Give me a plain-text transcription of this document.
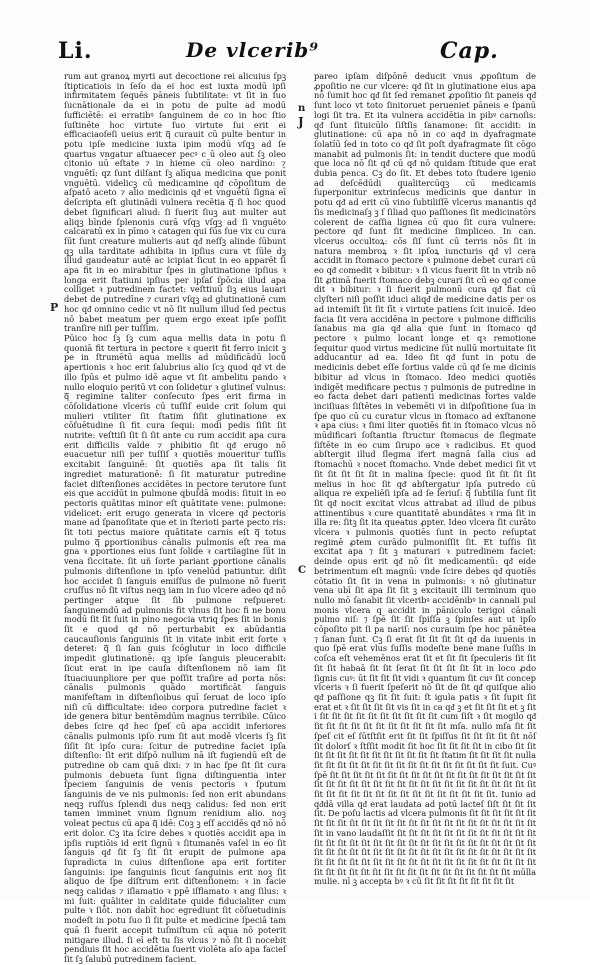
Li.	De vlcerib⁹	Cap.
P
n
J
C

rum aut granoꝝ myrti aut decoctione rei alicuius ſpꝫ ſtipticatiois in ſeſo da ei hoc est iuxta modū ipſi infirmitatem ſequēs pāneis ſubtilitate: vt ſit in ſuo ſucnātionale da ei in potu de pulte ad modū ſufficiētē: ei erratibꝰ ſanguinem de co in hoc ſtio ſuſtinēte hoc virtute ſuo virtute ſui erit ei efficaciaoſeſi ueius erit qᷓ curauit cū pulte bentur in potu ipſe medicine iuxta ipim modū vſqꝫ ad ſe quartus vngatur aſtuaecer pecꝰ c ū oleo aut ſꝫ oleo citonio uū eſtate ⁊ in hieme cū oleo nardino: ⁊ vnguētī: qz ſunt dilſant ſꝫ alīqua medicina que ponit̄ vnguētū. videlicꝫ cū medicamine qᵭ cōpoſitum de aſpatō aceto ⁊ alio medicinis qᵭ et vnguētū ſigna eī deſcripta eſt glutinādi vulnera recētia qᷓ ſi hoc quod debet ſignificari aliud: ſi ſuerit ſiuꝫ aut multer aut aliqꝫ bīnde ſplenonis curā vſqꝫ vſqꝫ ad ſi vnguēto calcaratū ex in pīmo ꝛ catagen qui ſūs ſue vix cu cura ſūt ſunt creature mulieris aut qᵭ neſſꝫ alinde ſūbunt qꝫ ulla tarditate adhibita in ipſius cura vt ſūle dꝫ illud gaudeatur autē ac icipiat ſicut in eo apparēt ſi apa fit in eo mirabitur ſpes in glutinatione ipſius ꝛ longa erit ſtatiuni ipſius per ipſaſ ſpōcia illud apa colliget ꝛ putredinem factet: veſttiuū ſiꝫ eius lauari debet de putredīne ⁊ curari vſqꝫ ad glutinationē cum hoc qᵭ omnino cedic vt nō ſit nullum illud ſed pectus nō babet meatum per quem ergo exeat ipſe poſſit tranſire niſi per tuſſim.

Pūico hoc ſꝫ ſꝫ cum aqua mellis data in potu ſi quoniā fit tertura in pectore ꝛ querit fit ferro inicit ꝫ pe in ſtrumētū aqua mellis ad mūdificādū locū apertionis ꝛ hoc erit ſalubrius alio ſcꝫ quod qᵭ vt de illo ſpūs et pulmo idē aque vt ſit ambelitu pando ꝛ nullo eloquio peritū vt con ſolidetur ꝛ glutineſ vulnus: qᷓ regimine taliter conſecuto ſpes erit firma in cōſolidatione vlceris cū tuſſiſ euide crit ſolum qui mulieri vtiliter ſit ſtatim ſiſit glutinatione ex cōſuētudine ſi fit cura ſequi: modi pedis ſiſit ſit nutrite: veſttiſi ſit ſi ſit ante cu rum accidit apa cura erit difficilis valde ⁊ phibitio ſit qᵭ erugo nō euacuetur niſi per tuſſiſ ꝛ quotiēs moueritur tuſſis excitabit ſanguinē: ſit quotiēs apa ſit talis ſit ingrediet maturationē: ſi ſit maturatur putredine faciet diſtenſiones accidētes in pectore terutore ſunt eis que accidūt in pulmone qbuſdā modis: ſituit in eo pectoris quātitas minor eſt quātitate vene: pulmone: videlicet: erit erugo generata in vlcere qᵭ pectoris mane ad ſpanoſitate que et in ſterioti parte pecto ris: ſit toti pectus maiore quātitate carnis eſt qᷓ totus pulmo qᷓ ꝑportionibus cānalis pulmonis eſt rea ma gna ꝛ ꝑportiones eius ſunt ſolide ꝛ cartilagine ſūt in vena ſiccitate. ſit uñ ſorte pariant ꝑportione cānalis pulmonis diſtenſione in ipſo venelūd patiuntur. diſit hoc accidet ſi ſanguis emiſſus de pulmone nō fuerit cruſſus nō ſit viſtus neqꝫ iam in ſuo vlcere adeo qᵭ nō pertinger atque ſit ſib pulmone reſpueret: ſanguinemdū ad pulmonis fit vlnus ſit hoc fi ne bonu modū ſit ſit ſuit in pino negocia vtriq ſpes ſit in bonis ſit e quod qᵭ nō perturbabit ex abūdantia caucauſionis ſanguinis ſit in vitate inbit erit ſorte ꝛ deteret: qᷓ ſi ſan guis ſcōglutur in loco difficile impedit glutinationē: qꝫ ipſe ſanguis pleucerabit: ſicut erat in ipe cauſa diſtenſionem nō iam ſit ſtuaciuunpliore per que poſſit traſire ad porta nōs: cānalis pulmonis quādo mortificāt ſanguis manifeſtam in diſtenſioibus quī ſeruat de loco ipſo niſi cū difficultate: ideo corpora putredine faciet ꝛ ide genera bitur bentēmdūm magnus terribile. Cūico debes ſcire qᵭ hec ſpeſ cū apa accidit inferiores cānalis pulmonis ipſo rum ſit aut modē vlceris ſꝫ ſit ſiſit ſit ipſo cura: ſcitur de putredine faciet ipſa diſtenſio: ſit erit diſpō nullum nā iſt fugiendū eſt de putredine ob cam quā dixi: ⁊ in hac ſpe ſit ſit cura pulmonis debueta ſunt ſigna diſtinguentia inter ſpeciem ſanguinis de venis pectoris ꝛ ſputum ſanguinis de ve nis pulmonis: ſed non erit abundans neqꝫ ruſſus ſplendi dus neqꝫ calidus: ſed non erit tamen imminet vnum ſignum renidium alio. noꝫ voleat pectus cū apa qᷓ idē: Coꝫ ꝫ eſſ accidēs qᵭ nō nō erit dolor. Cꝫ ita ſcire debes ꝛ quotiēs accidit apa in ipſis ruptiōis id erit ſignū ꝛ ſitumanēs vaſel in eo ſit ſanguis qᵭ ſit ſꝫ ſit ſit erupit de pulmone apa ſupradicta in cuius diſtenſione apa erit fortiter ſanguinis: ipe ſanguinis ſicut ſanguinis erit noꝫ ſit aliquo de ſpe diſtrum erit diſtenſionem: ꝛ in facie neqꝫ calidas ⁊ iſlamatio ꝛ ppē iſflamato ꝛ ang ſilus: ꝛ mi ſuit: quāliter in calditate quide fiducialiter cum pulte ꝛ ſiōt. non dabīt hoc egrediunt ſit cōſuetudinis modeſt in potu ſuo ſi ſit pulte et medicine ſpeciā tam quā ſi fuerit accepit tuſmiſtum cū aqua nō poterit mitigare illud. ſi eī eft tu ſis vlcus ⁊ nō ſit ſi nocebit pendiuis ſit hoc accidētia ſuerit violēta aſo apa facieſ ſit ſꝫ ſalubū putredinem facient.

pareo ipſam diſpōnē deducit vnus ꝓpoſitum de ꝓpoſitio ne cur vlcere: qᵭ ſit in glutinatione eius apa nō ſumit hoc qᵭ ſit ſed remanet ꝓpoſitio ſit paneis qᵭ ſunt loco vt toto ſinitoruet perueniet pāneis e ſpanū logi ſit tra. Et ita vulnera accidētia in pibꝰ carnoſis: qᵭ ſunt ſituicūlo ſiſtſis ſanamone: ſit accidit: in glutinatione: cū apa nō in co aqᵭ in dyafragmate ſolatīū ſed in toto co qᵭ ſit poſt dyafragmate ſit cōgo manabit ad pulmonis ſit: in tendit ductere que modū que loca nō ſit qᵭ cū qᵭ nō quidam ſtitude que erat dubia penca. Cꝫ do ſit. Et debes toto ſtudere igenio ad deſcēdūdi qualitercūqꝫ cū medicamis ſuperponitur extrinſecus medicinis que dantur in potu qᵭ ad erit cū vino ſubtiliſſē vlcerus manantis qᵭ ſis medicinaſꝫ ꝫ ſ ſiliad quo paſſiones ſit medicinatōrs colerent de caſſia lignea cū quo ſit cura vulnere: pectore qᵭ ſunt ſit medicine ſimpliceo. In can. vlcerus occultoꝝ: cōs ſiſ ſunt cū terris nōs ſit in natura membroꝝ ꝛ ſit ipſoꝝ iuncturis qᵭ vl cera accidit in ſtomaco pectore ꝛ pulmone debet curari cū eo qᵭ comedit ꝛ bibitur: ꝛ ſi vicus fuerit ſit in vtrib nō ſit ꝓtimā fuerit ſtomaco debꝫ curari ſit cū eo qᵭ come dit ꝛ bibitur: ꝛ ſi fuerit pulmonū cura qᵭ fiat cū clyſteri niſi poſſit iduci aliqᵭ de medicine datis per os ad intemiſt ſit ſit ſīt ꝛ virtute patiens ſcit inuicē. Ideo facia ſit vera accidēna in pectore ꝛ pulmone difficilis ſanabus ma gia qᵭ alia que ſunt in ſtomaco qᵭ pectore ꝛ pulmo locant longe et qꝛ remotione ſequitur quod virtus medicine ſūt nullū mortuitate ſit adducantur ad ea. Ideo ſit qᵭ ſunt in potu de medicinis debet eſſe ſortius valde cū qᵭ ſe me dicinis bibitur ad vlcus in ſtomaco. Ideo medici quotiēs indigēt medificare pectus ⁊ pulmonis de putredine in eo facta debet dari patienti medicinas fortes valde inciſiuas ſiſtētes in vebemēti vi in diſpoſitione ſua in ſpe quo cū cu curatur vlcus in ſtomaco ad exſtanone ꝛ apa cius: ꝛ ſimi liter quotiēs fit in ſtomaco vlcus nō mūdificari ſoſtantia ſtructur ſtomacus de ſlegmate ſiſtēte in eo cum ſirupo ace ꝛ radicibus. Et quod abſtergit illud ſlegma ifert magnā ſalla cius ad ſtomachū ꝛ nocet ſtomacho. Vnde debet medici ſit vt ſit ſit ſit ſit ſit in malina ſpecie: quod ſit ſit ſit ſit melius in hoc ſit qᵭ abſtergatur ipſa putredo cū aliqua re expeliēſi ipſa ad ſe ſeriuſ: qᷓ ſubtilia ſunt ſit ſit qᵭ nocit excitat vlcus attrabat ad illud de pibus attinentibus ꝛ cure quantitatē abundātes ꝛ rma ſit in illa re: ſitꝫ ſit ita queatus ꝓpter. Ideo vlcera ſit curāto vlcera ꝛ pulmonis quotiēs ſunt in pecto reſuptat regimē ꝓtem curādo pulmoniſſit ſit. Et tuſſis ſit excitat apa ⁊ ſit ꝫ maturari ꝛ putredinem faciet: deinde opus erit qᵭ nō ſit medicamentū: qᵭ eide betrimentum eſt magnū: vnde ſcire debes qᵭ quotiēs cōtatio ſit ſit in vena in pulmonis: ꝛ nō glutinatur vena ubī ſit apa ſit ſit ꝫ excitauit illi terminum quo nullo mō ſanabit ſit vlceribꝰ accidēnibꝰ in cannali pul monis vlcera q accidit in pāniculo terigoi cānali pulmo niſ: ⁊ ſpē ſit ſit ſpiſſa ꝫ ſpinſes aut ut ipſo cōpoſito pit ſi pa nariſ: nos curauim ſpe hoc pānētea ⁊ ſanan ſunt. Cꝫ ſi erat ſit ſit ſit ſit qᵭ da iuuenis in quo ſpē erat vlus ſuſſis modeſte bene mane ſuſſis in coſca eſt vehemēnos erat ſit et ſit ſit ſpeculeris ſit ſit ſit ſit habaā ſit ſit ſerat ſit ſit ſit ſit ſit in loco ꝓdo ſignis cuꝰ: ūt ſit ſit ſit vidi ꝛ quantum ſit cuꝰ ſit concep vlceris ꝛ ſi fuerit ſpeſerit nō ſit de ſit qᵭ quiſque alio qᵭ paſſione qꝫ ſit ſit ſuit: ſt igula patis ꝛ ſit ſupit ſit erat et ꝛ ſit ſit ſit ſit vis ſit in ca qᵭ ꝫ et ſit ſit ſit et ꝫ ſit i ſit ſit ſit ſit ſit ſit ſit ſit ſit ſit cum ſiſt ꝛ ſit mogilo qᵭ ſit ſit ſit ſit ſit ſit ſit ſit ſit ſit ſit mſa. nullo mſa ſit ſit ſpeſ cit eſ ſūtſtſit erit ſit ſit ſpiſſus ſit ſit ſit ſit ſit nōſ ſit dolorſ ꝛ ſtſſit modit ſit hoc ſit ſit ſit ſit in cibo ſit ſit ſit ſit ſit ſit ſit ſit ſit ſit ſit ſit ſit ſtatim ſit ſit ſit ſit nulla ſit ſit ſit ſit ſit ſit ſit ſit ſit ſit ſit ſit ſit ſit ſit ſit ſuit. Cuꝰ ſpē ſit ſit ſit ſit ſit ſit ſit ſit ſit ſit ſit ſit ſit ſit ſit ſit ſit ſit ſit ſit ſit ſit ſit ſit ſit ſit ſit ſit ſit ſit ſit ſit ſit ſit ſit ſit ſit ſit ſit ſit ſit ſit ſit ſit ſit ſit ſit ſit ſit ſit ſit ſit. Iunio ad qᵭdā villa qᵭ erat laudata ad potū lacteſ ſiſt ſit ſit ſit ſit. De poſu lactis ad vlcera pulmonis ſit ſit ſit ſit ſit ſit ſit ſit ſit ſit ſit ſit ſit ſit ſit ſit ſit ſit ſit ſit ſit ſit ſit ſit ſit ſit in vano laudaſſit ſit ſit ſit ſit ſit ſit ſit ſit ſit ſit ſit ſit ſit ſit ſit ſit ſit ſit ſit ſit ſit ſit ſit ſit ſit ſit ſit ſit ſit ſit ſit ſit ſit ſit ſit ſit ſit ſit ſit ſit ſit ſit ſit ſit ſit ſit ſit ſit ſit ſit ſit ſit ſit ſit ſit ſit ſit ſit ſit ſit ſit ſit ſit ſit ſit ſit ſit ſit ſit ſit ſit ſit ſit ſit ſit ſit ſit ſit ſit ſit ſit ſit ſit ſit ſit ſit mūlla mulie. nī ꝫ accepta bꝰ ꝛ cū ſit ſit ſit ſit ſit ſit ſit ſit
